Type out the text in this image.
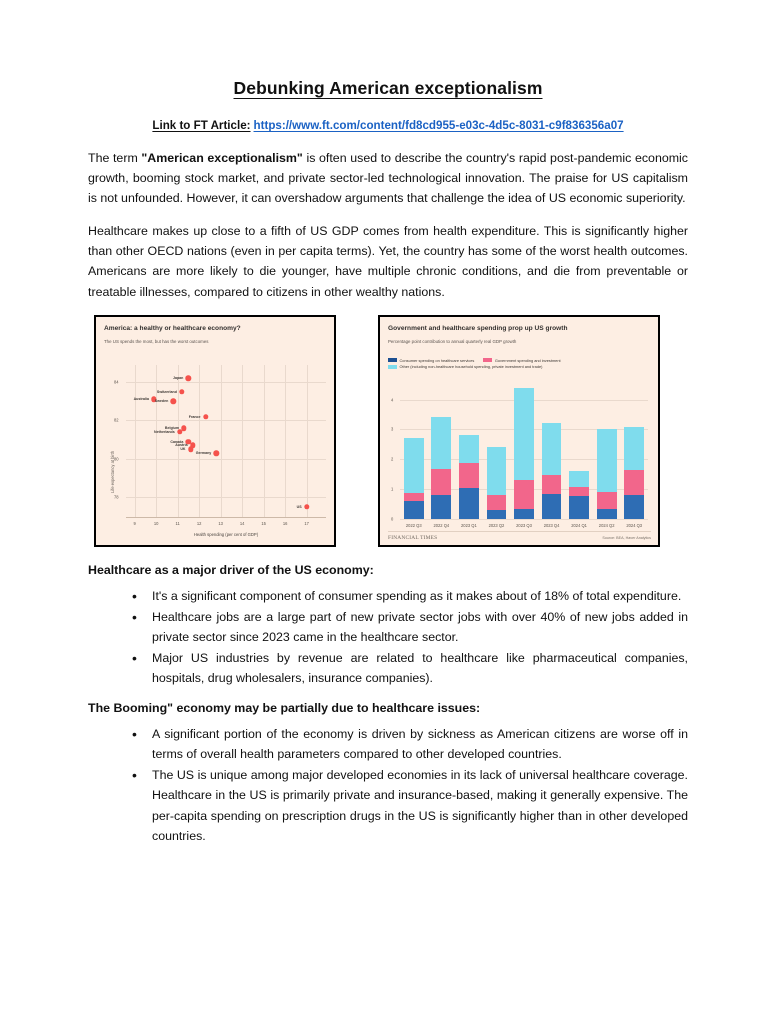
Debunking American exceptionalism
Link to FT Article: https://www.ft.com/content/fd8cd955-e03c-4d5c-8031-c9f836356a07

The term "American exceptionalism" is often used to describe the country's rapid post-pandemic economic growth, booming stock market, and private sector-led technological innovation. The praise for US capitalism is not unfounded. However, it can overshadow arguments that challenge the idea of US economic superiority.

Healthcare makes up close to a fifth of US GDP comes from health expenditure. This is significantly higher than other OECD nations (even in per capita terms). Yet, the country has some of the worst health outcomes. Americans are more likely to die younger, have multiple chronic conditions, and die from preventable or treatable illnesses, compared to citizens in other wealthy nations.

America: a healthy or healthcare economy?
The US spends the most, but has the worst outcomes
9	10	11	12	13	14	15	16	17
78
80
82
84
Japan
Switzerland
Australia	Sweden
France
Netherlands
Belgium
Canada
Austria
UK
Germany
US
Life expectancy at birth
Health spending (per cent of GDP)
Government and healthcare spending prop up US growth
Percentage point contribution to annual quarterly real GDP growth
Consumer spending on healthcare services	Government spending and investment
Other (including non-healthcare household spending, private investment and trade)
0
1
2
3
4
2022 Q3	2022 Q4	2023 Q1	2023 Q2	2023 Q3	2023 Q4	2024 Q1	2024 Q2	2024 Q3
FINANCIAL TIMES	Source: BEA, Haver Analytics
Healthcare as a major driver of the US economy:
• It's a significant component of consumer spending as it makes about of 18% of total expenditure.
• Healthcare jobs are a large part of new private sector jobs with over 40% of new jobs added in private sector since 2023 came in the healthcare sector.
• Major US industries by revenue are related to healthcare like pharmaceutical companies, hospitals, drug wholesalers, insurance companies).
The Booming" economy may be partially due to healthcare issues:
• A significant portion of the economy is driven by sickness as American citizens are worse off in terms of overall health parameters compared to other developed countries.
• The US is unique among major developed economies in its lack of universal healthcare coverage. Healthcare in the US is primarily private and insurance-based, making it generally expensive. The per-capita spending on prescription drugs in the US is significantly higher than in other developed countries.
